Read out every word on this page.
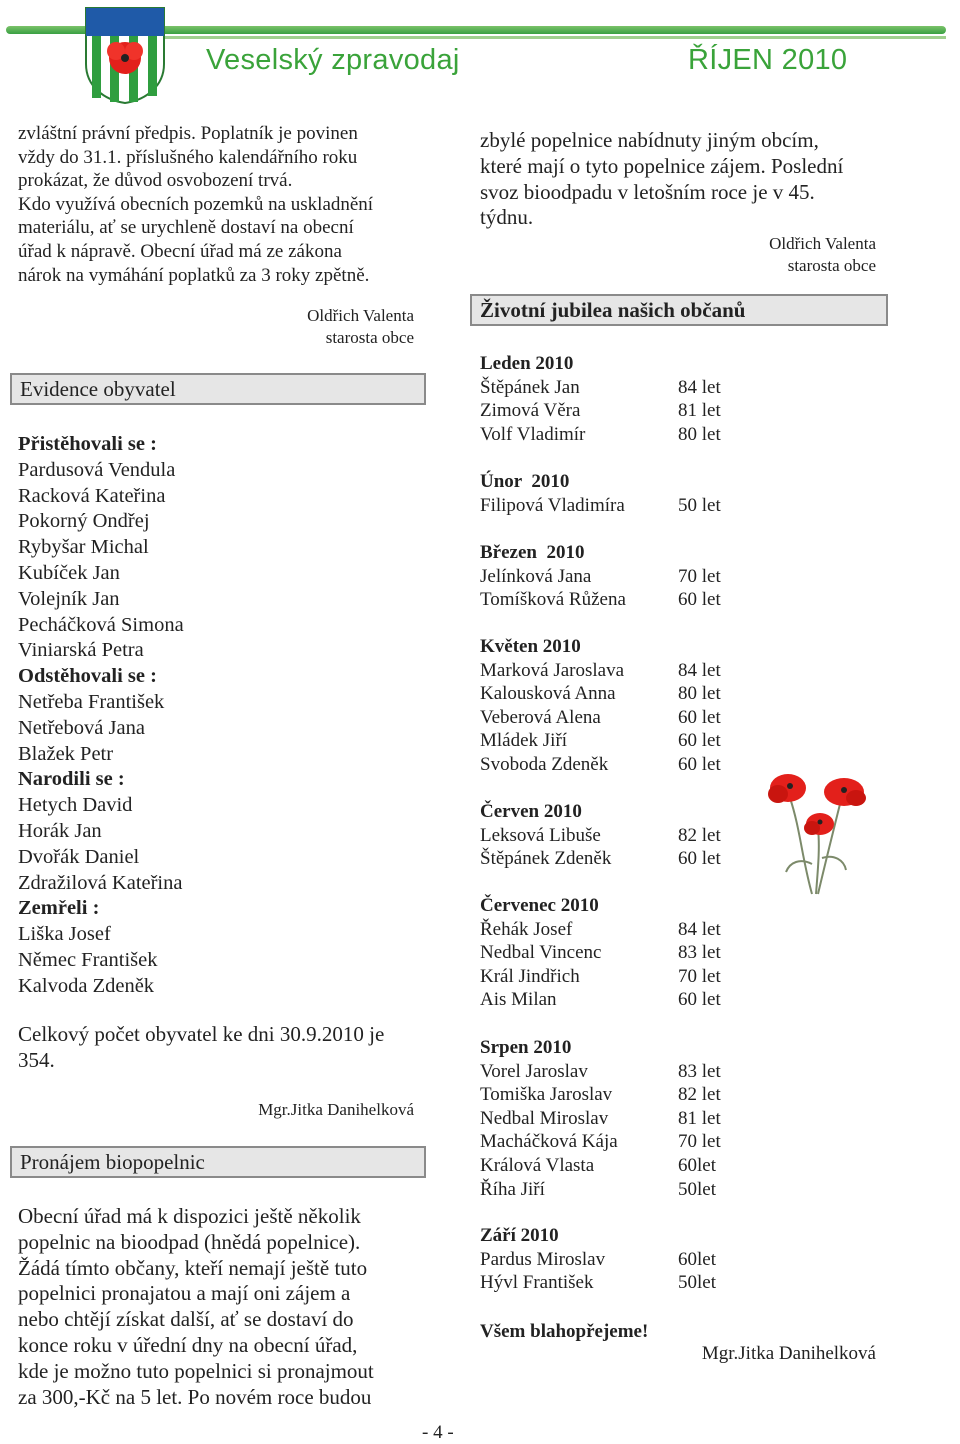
Veselský zpravodaj	ŘÍJEN 2010

zvláštní právní předpis. Poplatník je povinen

vždy do 31.1. příslušného kalendářního roku

prokázat, že důvod osvobození trvá.

Kdo využívá obecních pozemků na uskladnění

materiálu, ať se urychleně dostaví na obecní

úřad k nápravě. Obecní úřad má ze zákona

nárok na vymáhání poplatků za 3 roky zpětně.

Oldřich Valenta

starosta obce

Evidence obyvatel
Přistěhovali se :
Pardusová Vendula
Racková Kateřina
Pokorný Ondřej
Rybyšar Michal
Kubíček Jan
Volejník Jan
Pecháčková Simona
Viniarská Petra
Odstěhovali se :
Netřeba František
Netřebová Jana
Blažek Petr
Narodili se :
Hetych David
Horák Jan
Dvořák Daniel
Zdražilová Kateřina
Zemřeli :
Liška Josef
Němec František
Kalvoda Zdeněk

Celkový počet obyvatel ke dni 30.9.2010 je

354.

Mgr.Jitka Danihelková

Pronájem biopopelnic

Obecní úřad má k dispozici ještě několik

popelnic na bioodpad (hnědá popelnice).

Žádá tímto občany, kteří nemají ještě tuto

popelnici pronajatou a mají oni zájem a

nebo chtějí získat další, ať se dostaví do

konce roku v úřední dny na obecní úřad,

kde je možno tuto popelnici si pronajmout

za 300,-Kč na 5 let. Po novém roce budou

zbylé popelnice nabídnuty jiným obcím,

které mají o tyto popelnice zájem. Poslední

svoz bioodpadu v letošním roce je v 45.

týdnu.

Oldřich Valenta

starosta obce

Životní jubilea našich občanů
Leden 2010
Štěpánek Jan	84 let
Zimová Věra	81 let
Volf Vladimír	80 let
Únor  2010
Filipová Vladimíra	50 let
Březen  2010
Jelínková Jana	70 let
Tomíšková Růžena	60 let
Květen 2010
Marková Jaroslava	84 let
Kalousková Anna	80 let
Veberová Alena	60 let
Mládek Jiří	60 let
Svoboda Zdeněk	60 let
Červen 2010
Leksová Libuše	82 let
Štěpánek Zdeněk	60 let
Červenec 2010
Řehák Josef	84 let
Nedbal Vincenc	83 let
Král Jindřich	70 let
Ais Milan	60 let
Srpen 2010
Vorel Jaroslav	83 let
Tomiška Jaroslav	82 let
Nedbal Miroslav	81 let
Macháčková Kája	70 let
Králová Vlasta	60let
Říha Jiří	50let
Září 2010
Pardus Miroslav	60let
Hývl František	50let
Všem blahopřejeme!

Mgr.Jitka Danihelková

- 4 -
